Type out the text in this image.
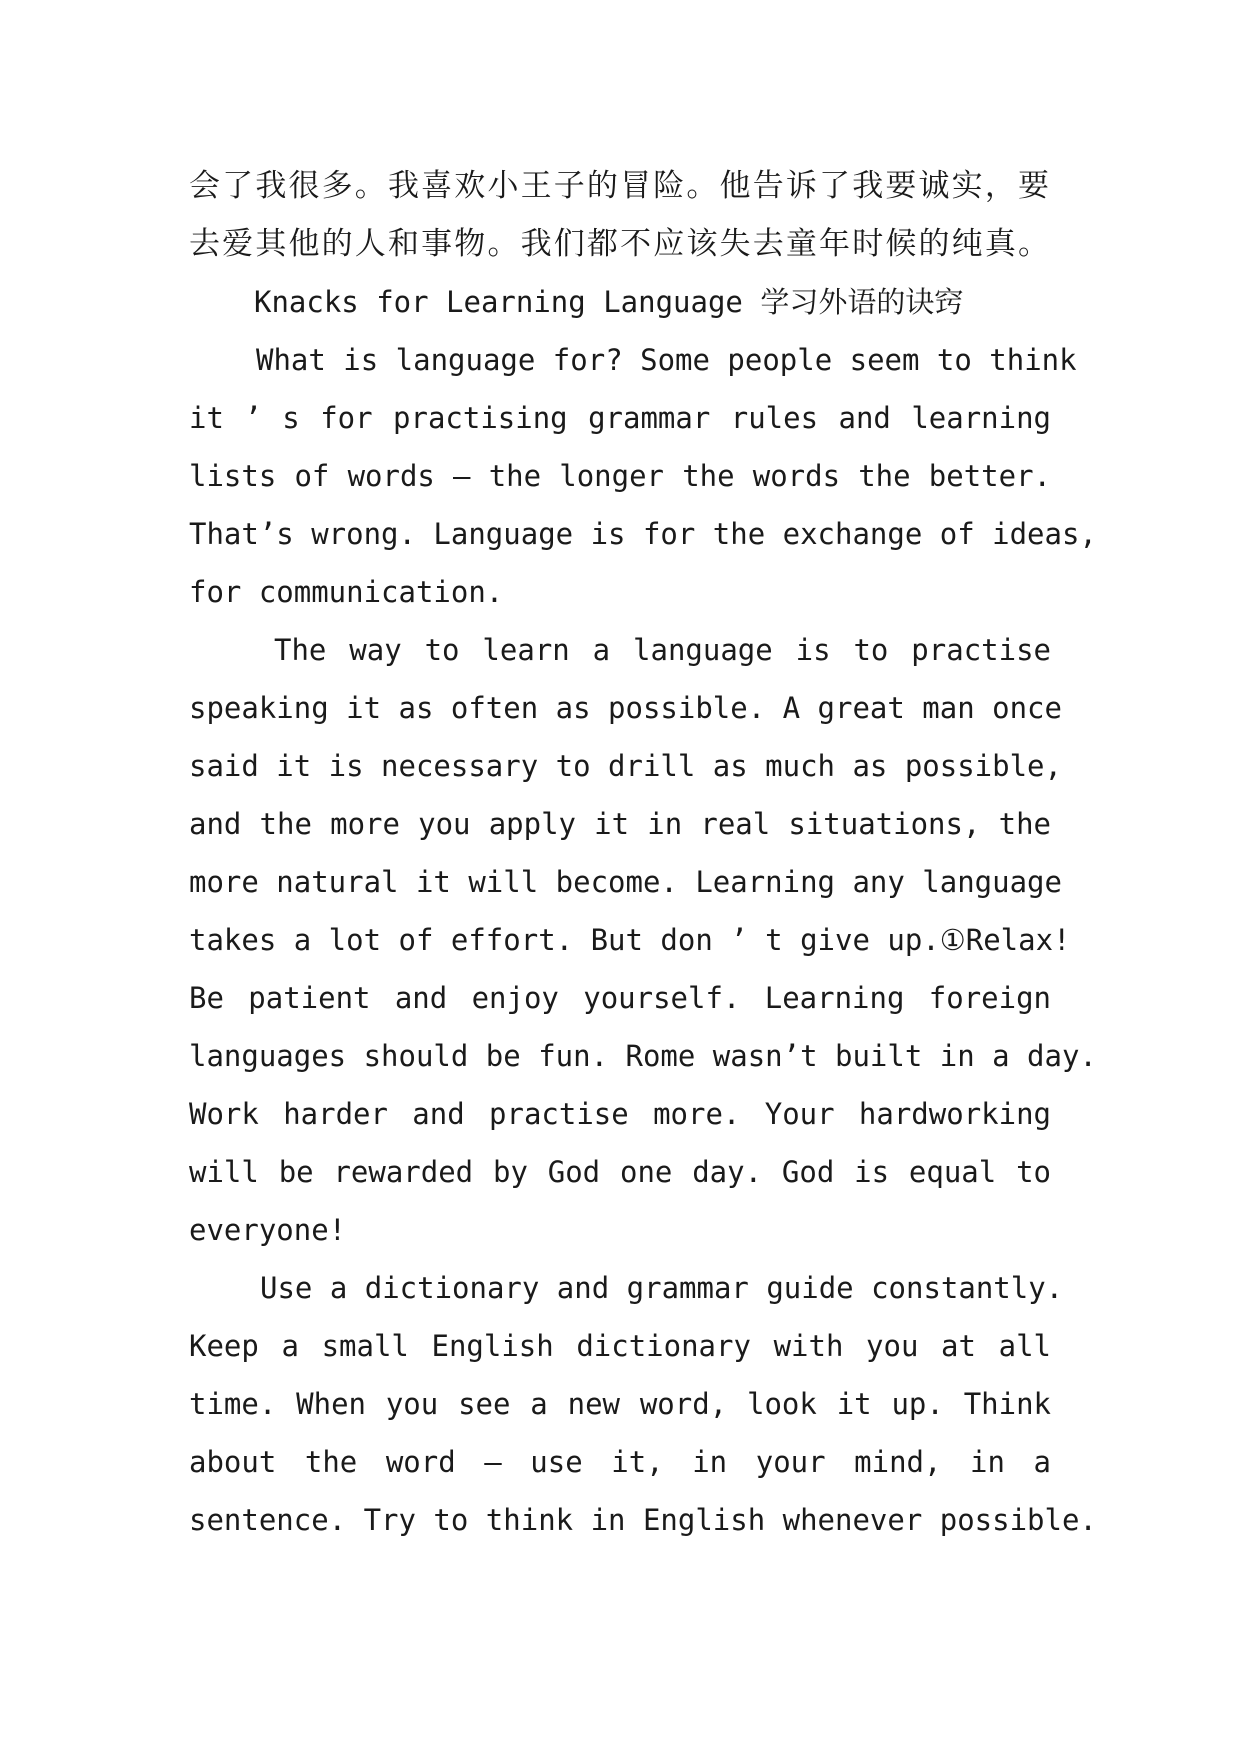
会了我很多。我喜欢小王子的冒险。他告诉了我要诚实，要
去爱其他的人和事物。我们都不应该失去童年时候的纯真。
Knacks for Learning Language 学习外语的诀窍
What is language for? Some people seem to think
it ’ s for practising grammar rules and learning
lists of words — the longer the words the better.
That’s wrong. Language is for the exchange of ideas,
for communication.
The way to learn a language is to practise
speaking it as often as possible. A great man once
said it is necessary to drill as much as possible,
and the more you apply it in real situations, the
more natural it will become. Learning any language
takes a lot of effort. But don ’ t give up.①Relax!
Be patient and enjoy yourself. Learning foreign
languages should be fun. Rome wasn’t built in a day.
Work harder and practise more. Your hardworking
will be rewarded by God one day. God is equal to
everyone!
Use a dictionary and grammar guide constantly.
Keep a small English dictionary with you at all
time. When you see a new word, look it up. Think
about the word — use it, in your mind, in a
sentence. Try to think in English whenever possible.
